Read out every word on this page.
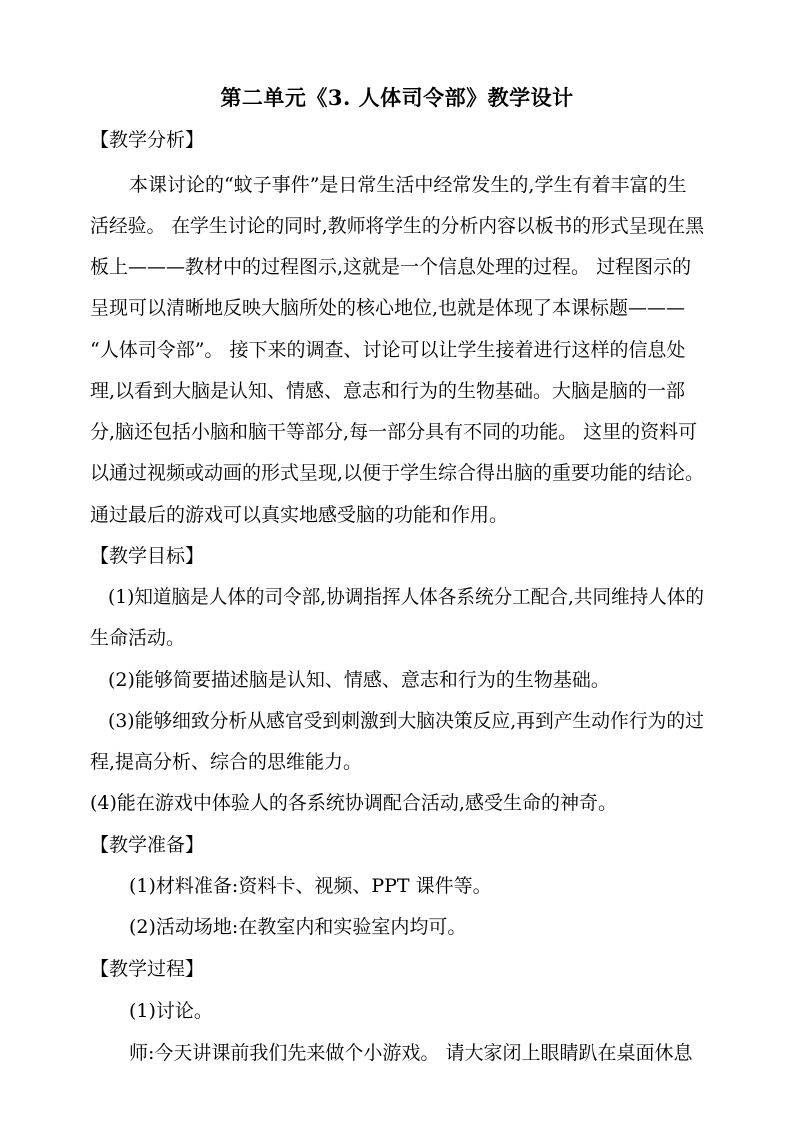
第二单元《3. 人体司令部》教学设计
【教学分析】
本课讨论的“蚊子事件”是日常生活中经常发生的,学生有着丰富的生
活经验。 在学生讨论的同时,教师将学生的分析内容以板书的形式呈现在黑
板上———教材中的过程图示,这就是一个信息处理的过程。 过程图示的
呈现可以清晰地反映大脑所处的核心地位,也就是体现了本课标题———
“人体司令部”。 接下来的调查、讨论可以让学生接着进行这样的信息处
理,以看到大脑是认知、情感、意志和行为的生物基础。大脑是脑的一部
分,脑还包括小脑和脑干等部分,每一部分具有不同的功能。 这里的资料可
以通过视频或动画的形式呈现,以便于学生综合得出脑的重要功能的结论。
通过最后的游戏可以真实地感受脑的功能和作用。
【教学目标】
(1)知道脑是人体的司令部,协调指挥人体各系统分工配合,共同维持人体的
生命活动。
(2)能够简要描述脑是认知、情感、意志和行为的生物基础。
(3)能够细致分析从感官受到刺激到大脑决策反应,再到产生动作行为的过
程,提高分析、综合的思维能力。
(4)能在游戏中体验人的各系统协调配合活动,感受生命的神奇。
【教学准备】
(1)材料准备:资料卡、视频、PPT 课件等。
(2)活动场地:在教室内和实验室内均可。
【教学过程】
(1)讨论。
师:今天讲课前我们先来做个小游戏。 请大家闭上眼睛趴在桌面休息
